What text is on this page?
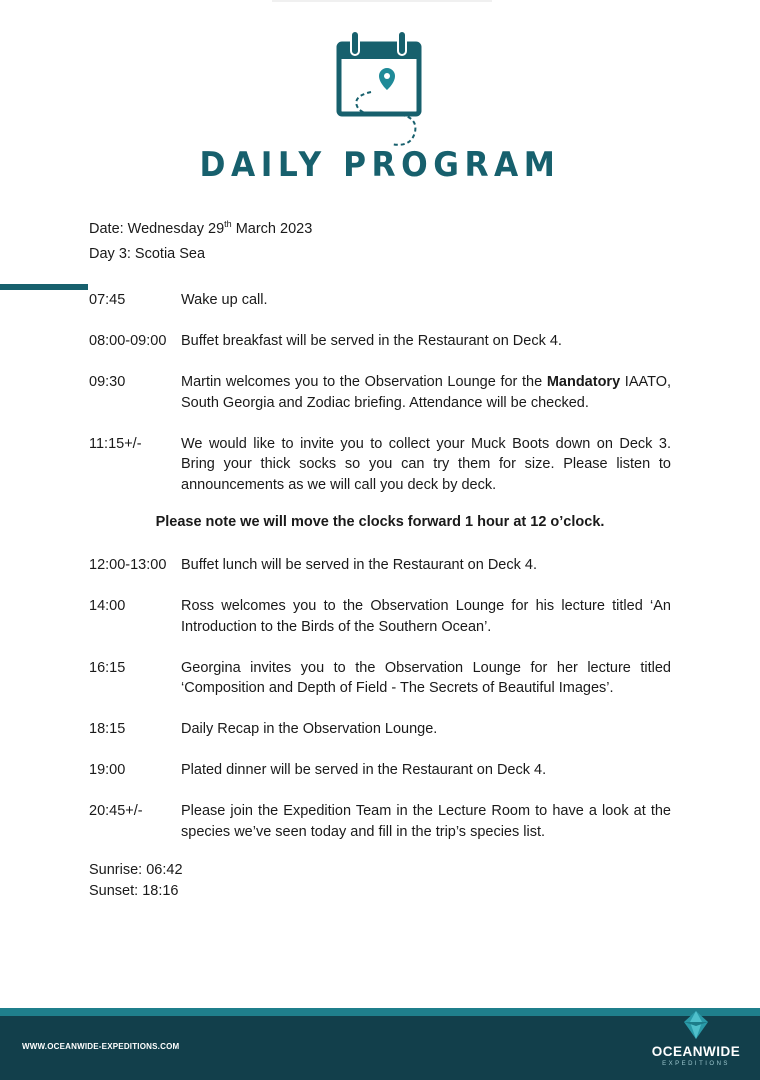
DAILY PROGRAM
Date: Wednesday 29th March 2023
Day 3: Scotia Sea
07:45	Wake up call.
08:00-09:00	Buffet breakfast will be served in the Restaurant on Deck 4.
09:30	Martin welcomes you to the Observation Lounge for the Mandatory IAATO, South Georgia and Zodiac briefing. Attendance will be checked.
11:15+/-	We would like to invite you to collect your Muck Boots down on Deck 3. Bring your thick socks so you can try them for size. Please listen to announcements as we will call you deck by deck.
12:00-13:00	Buffet lunch will be served in the Restaurant on Deck 4.
14:00	Ross welcomes you to the Observation Lounge for his lecture titled ‘An Introduction to the Birds of the Southern Ocean’.
16:15	Georgina invites you to the Observation Lounge for her lecture titled ‘Composition and Depth of Field - The Secrets of Beautiful Images’.
18:15	Daily Recap in the Observation Lounge.
19:00	Plated dinner will be served in the Restaurant on Deck 4.
20:45+/-	Please join the Expedition Team in the Lecture Room to have a look at the species we’ve seen today and fill in the trip’s species list.
Please note we will move the clocks forward 1 hour at 12 o’clock.
Sunrise: 06:42
Sunset: 18:16
WWW.OCEANWIDE-EXPEDITIONS.COM	OCEANWIDE
EXPEDITIONS
